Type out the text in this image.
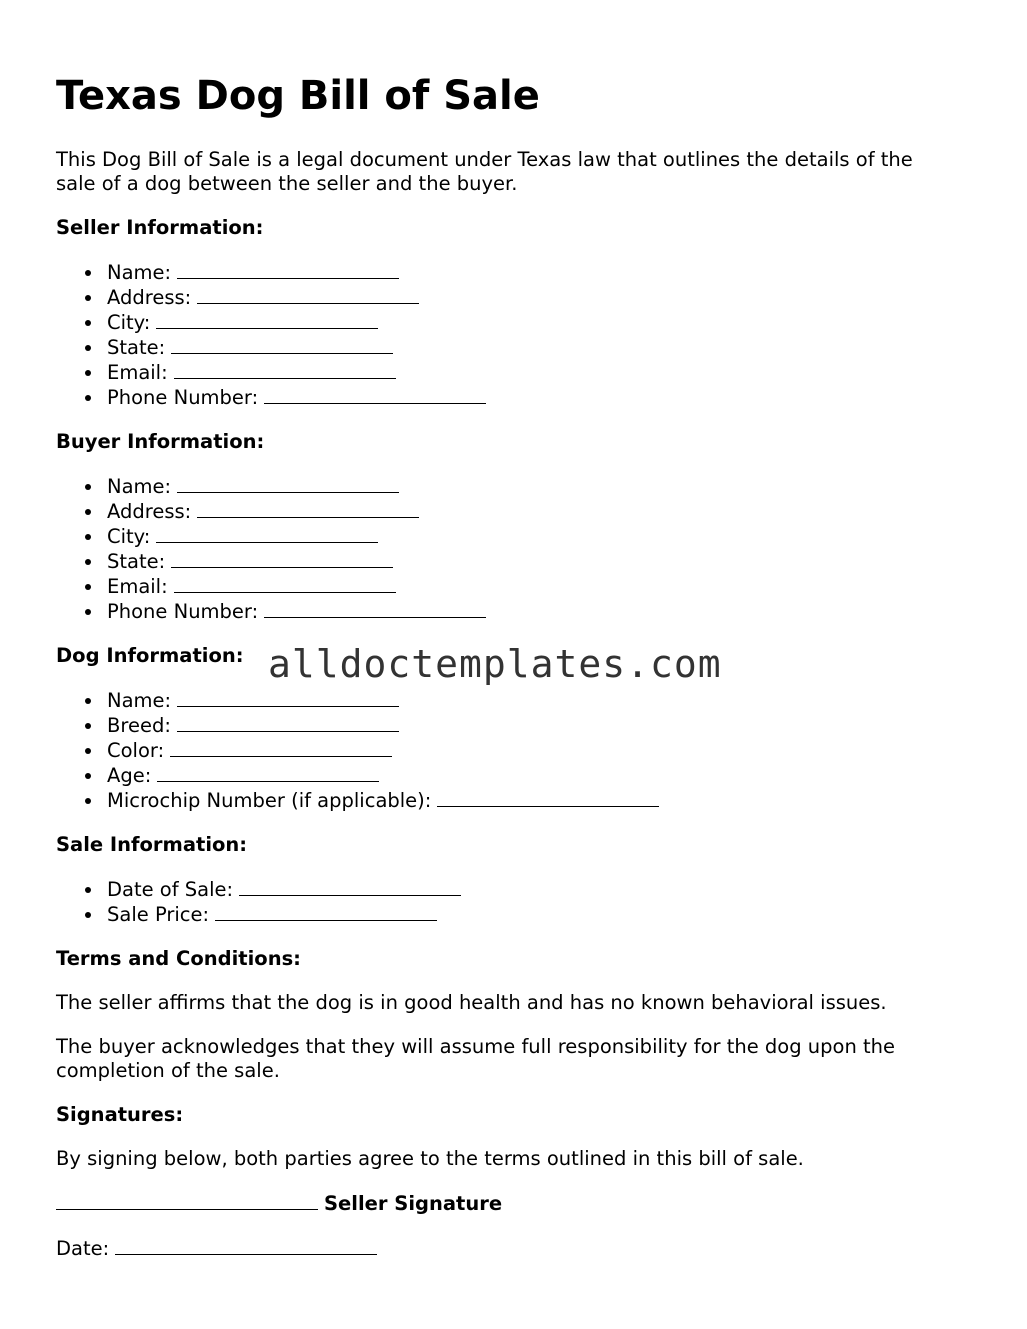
Texas Dog Bill of Sale

This Dog Bill of Sale is a legal document under Texas law that outlines the details of the sale of a dog between the seller and the buyer.

Seller Information:
Name:
Address:
City:
State:
Email:
Phone Number:
Buyer Information:
Name:
Address:
City:
State:
Email:
Phone Number:
Dog Information:
Name:
Breed:
Color:
Age:
Microchip Number (if applicable):
Sale Information:
Date of Sale:
Sale Price:
Terms and Conditions:

The seller affirms that the dog is in good health and has no known behavioral issues.

The buyer acknowledges that they will assume full responsibility for the dog upon the completion of the sale.

Signatures:

By signing below, both parties agree to the terms outlined in this bill of sale.

Seller Signature
Date:
alldoctemplates.com
